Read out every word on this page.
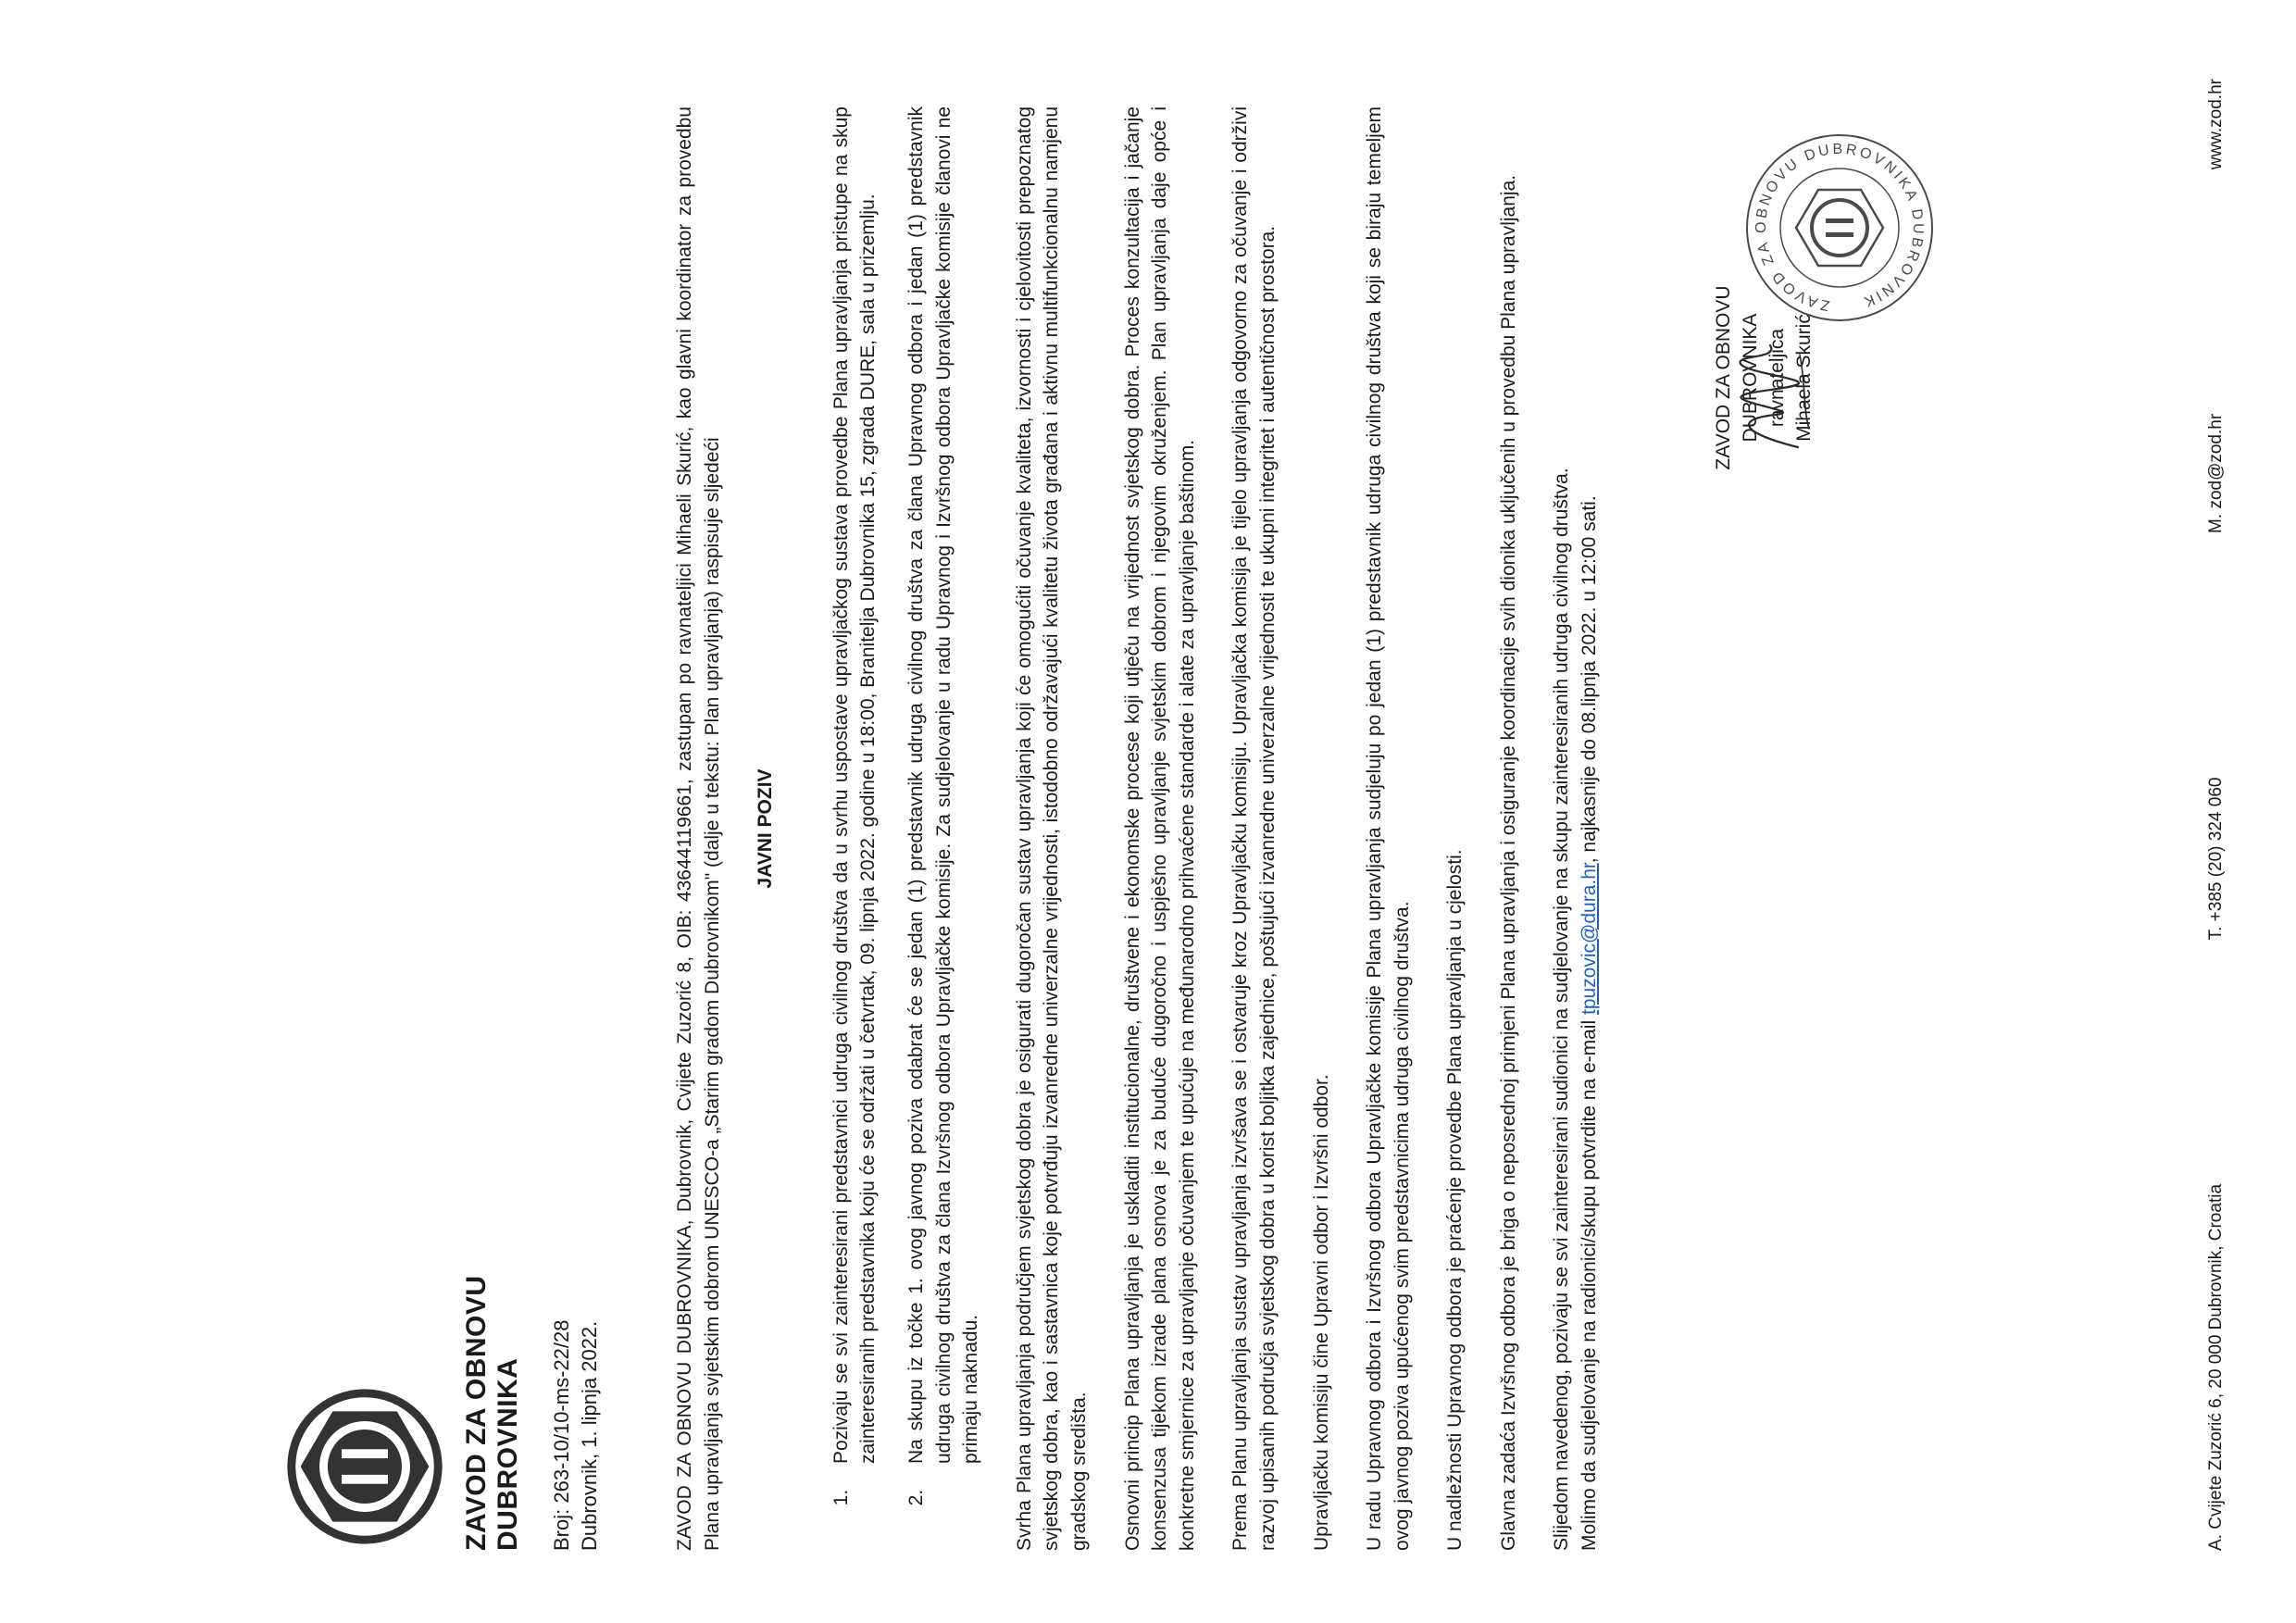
ZAVOD ZA OBNOVU DUBROVNIKA Broj: 263-10/10-ms-22/28 Dubrovnik, 1. lipnja 2022.	ZAVOD ZA OBNOVU DUBROVNIKA, Dubrovnik, Cvijete Zuzorić 8, OIB: 43644119661, zastupan po ravnateljici Mihaeli Skurić, kao glavni koordinator za provedbu Plana upravljanja svjetskim dobrom UNESCO-a „Starim gradom Dubrovnikom" (dalje u tekstu: Plan upravljanja) raspisuje sljedeći JAVNI POZIV	1. Pozivaju se svi zainteresirani predstavnici udruga civilnog društva da u svrhu uspostave upravljačkog sustava provedbe Plana upravljanja pristupe na skup zainteresiranih predstavnika koju će se održati u četvrtak, 09. lipnja 2022. godine u 18:00, Branitelja Dubrovnika 15, zgrada DURE, sala u prizemlju. 2. Na skupu iz točke 1. ovog javnog poziva odabrat će se jedan (1) predstavnik udruga civilnog društva za člana Upravnog odbora i jedan (1) predstavnik udruga civilnog društva za člana Izvršnog odbora Upravljačke komisije. Za sudjelovanje u radu Upravnog i Izvršnog odbora Upravljačke komisije članovi ne primaju naknadu. Svrha Plana upravljanja područjem svjetskog dobra je osigurati dugoročan sustav upravljanja koji će omogućiti očuvanje kvaliteta, izvornosti i cjelovitosti prepoznatog svjetskog dobra, kao i sastavnica koje potvrđuju izvanredne univerzalne vrijednosti, istodobno održavajući kvalitetu života građana i aktivnu multifunkcionalnu namjenu gradskog središta. Osnovni princip Plana upravljanja je uskladiti institucionalne, društvene i ekonomske procese koji utječu na vrijednost svjetskog dobra. Proces konzultacija i jačanje konsenzusa tijekom izrade plana osnova je za buduće dugoročno i uspješno upravljanje svjetskim dobrom i njegovim okruženjem. Plan upravljanja daje opće i konkretne smjernice za upravljanje očuvanjem te upućuje na međunarodno prihvaćene standarde i alate za upravljanje baštinom. Prema Planu upravljanja sustav upravljanja izvršava se i ostvaruje kroz Upravljačku komisiju. Upravljačka komisija je tijelo upravljanja odgovorno za očuvanje i održivi razvoj upisanih područja svjetskog dobra u korist boljitka zajednice, poštujući izvanredne univerzalne vrijednosti te ukupni integritet i autentičnost prostora. Upravljačku komisiju čine Upravni odbor i Izvršni odbor. U radu Upravnog odbora i Izvršnog odbora Upravljačke komisije Plana upravljanja sudjeluju po jedan (1) predstavnik udruga civilnog društva koji se biraju temeljem ovog javnog poziva upućenog svim predstavnicima udruga civilnog društva. U nadležnosti Upravnog odbora je praćenje provedbe Plana upravljanja u cjelosti. Glavna zadaća Izvršnog odbora je briga o neposrednoj primjeni Plana upravljanja i osiguranje koordinacije svih dionika uključenih u provedbu Plana upravljanja. Slijedom navedenog, pozivaju se svi zainteresirani sudionici na sudjelovanje na skupu zainteresiranih udruga civilnog društva. Molimo da sudjelovanje na radionici/skupu potvrdite na e-mail tpuzovic@dura.hr, najkasnije do 08.lipnja 2022. u 12:00 sati.

ZAVOD ZA OBNOVU DUBROVNIKA ravnateljica Mihaela Skurić
ZAVOD ZA OBNOVU DUBROVNIKA DUBROVNIK
A. Cvijete Zuzorić 6, 20 000 Dubrovnik, Croatia
T. +385 (20) 324 060
M. zod@zod.hr
www.zod.hr
